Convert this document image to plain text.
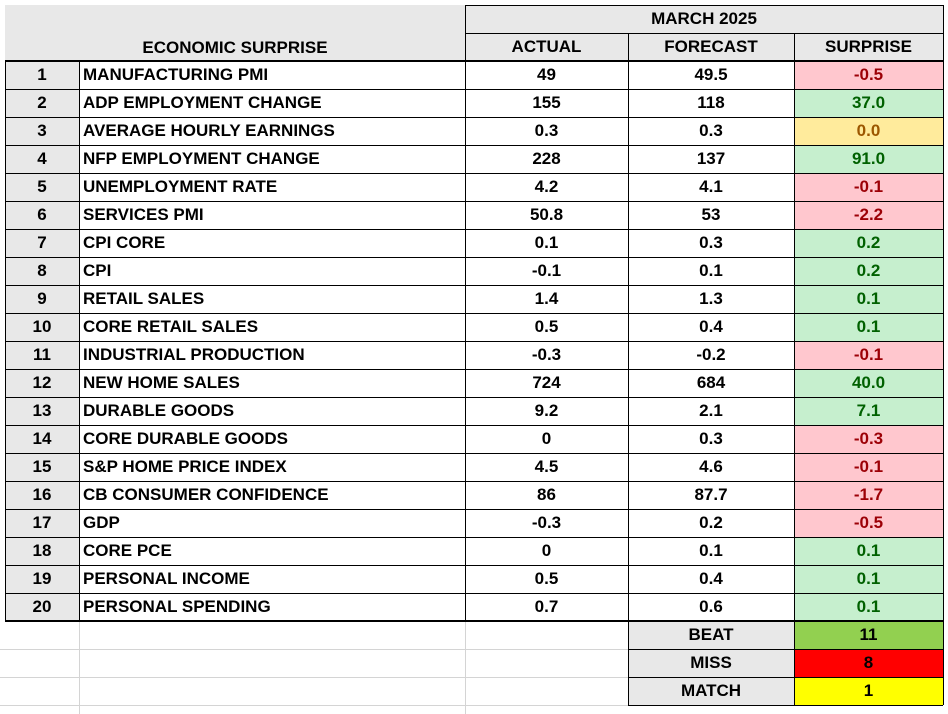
ECONOMIC SURPRISE
MARCH 2025
ACTUAL	FORECAST	SURPRISE
1 MANUFACTURING PMI	49	49.5	-0.5
2 ADP EMPLOYMENT CHANGE	155	118	37.0
3 AVERAGE HOURLY EARNINGS	0.3	0.3	0.0
4 NFP EMPLOYMENT CHANGE	228	137	91.0
5 UNEMPLOYMENT RATE	4.2	4.1	-0.1
6 SERVICES PMI	50.8	53	-2.2
7 CPI CORE	0.1	0.3	0.2
8 CPI	-0.1	0.1	0.2
9 RETAIL SALES	1.4	1.3	0.1
10 CORE RETAIL SALES	0.5	0.4	0.1
11 INDUSTRIAL PRODUCTION	-0.3	-0.2	-0.1
12 NEW HOME SALES	724	684	40.0
13 DURABLE GOODS	9.2	2.1	7.1
14 CORE DURABLE GOODS	0	0.3	-0.3
15 S&P HOME PRICE INDEX	4.5	4.6	-0.1
16 CB CONSUMER CONFIDENCE	86	87.7	-1.7
17 GDP	-0.3	0.2	-0.5
18 CORE PCE	0	0.1	0.1
19 PERSONAL INCOME	0.5	0.4	0.1
20 PERSONAL SPENDING	0.7	0.6	0.1
BEAT	11
MISS	8
MATCH	1
